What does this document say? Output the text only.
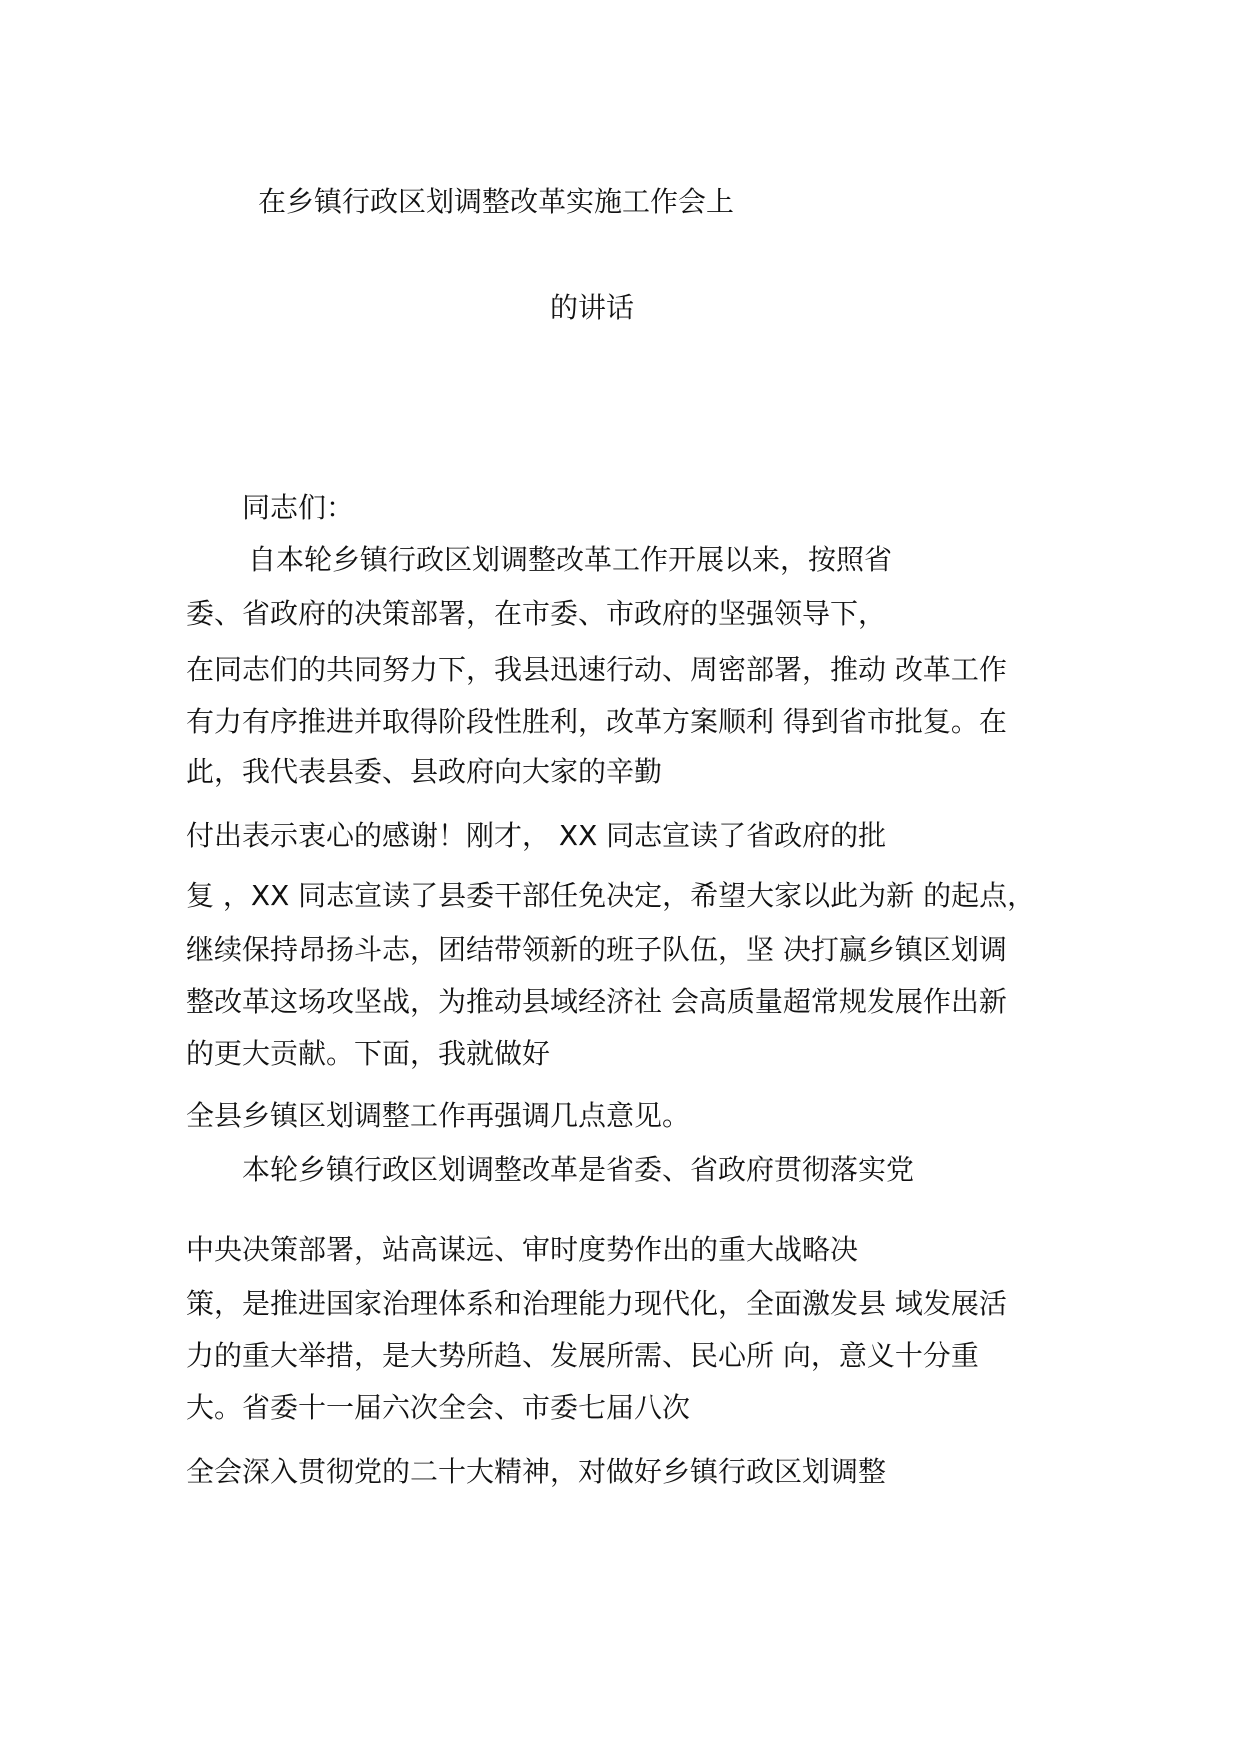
在乡镇行政区划调整改革实施工作会上
的讲话
同志们：
自本轮乡镇行政区划调整改革工作开展以来，按照省
委、省政府的决策部署，在市委、市政府的坚强领导下，
在同志们的共同努力下，我县迅速行动、周密部署，推动 改革工作
有力有序推进并取得阶段性胜利，改革方案顺利 得到省市批复。在
此，我代表县委、县政府向大家的辛勤
付出表示衷心的感谢！刚才， XX 同志宣读了省政府的批
复 ，XX 同志宣读了县委干部任免决定，希望大家以此为新 的起点，
继续保持昂扬斗志，团结带领新的班子队伍，坚 决打赢乡镇区划调
整改革这场攻坚战，为推动县域经济社 会高质量超常规发展作出新
的更大贡献。下面，我就做好
全县乡镇区划调整工作再强调几点意见。
本轮乡镇行政区划调整改革是省委、省政府贯彻落实党
中央决策部署，站高谋远、审时度势作出的重大战略决
策，是推进国家治理体系和治理能力现代化，全面激发县 域发展活
力的重大举措，是大势所趋、发展所需、民心所 向，意义十分重
大。省委十一届六次全会、市委七届八次
全会深入贯彻党的二十大精神，对做好乡镇行政区划调整
